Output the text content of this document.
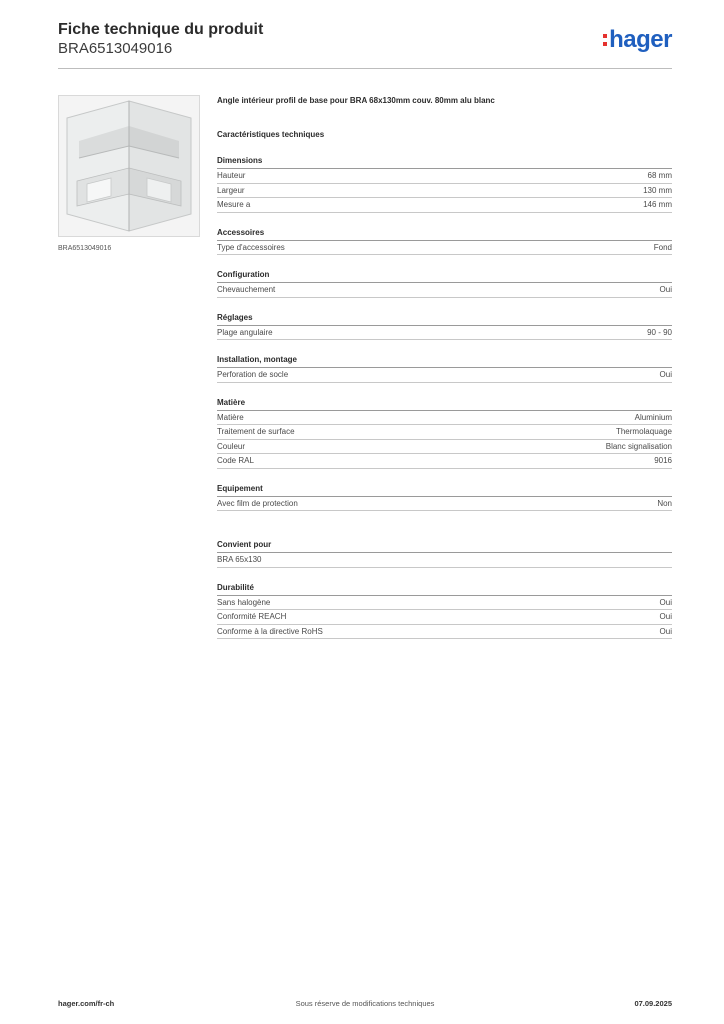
Fiche technique du produit
BRA6513049016	hager
BRA6513049016
Angle intérieur profil de base pour BRA 68x130mm couv. 80mm alu blanc
Caractéristiques techniques
Dimensions
Hauteur	68 mm
Largeur	130 mm
Mesure a	146 mm
Accessoires
Type d'accessoires	Fond
Configuration
Chevauchement	Oui
Réglages
Plage angulaire	90 - 90
Installation, montage
Perforation de socle	Oui
Matière
Matière	Aluminium
Traitement de surface	Thermolaquage
Couleur	Blanc signalisation
Code RAL	9016
Equipement
Avec film de protection	Non
Convient pour
BRA 65x130
Durabilité
Sans halogène	Oui
Conformité REACH	Oui
Conforme à la directive RoHS	Oui
hager.com/fr-ch	Sous réserve de modifications techniques	07.09.2025
